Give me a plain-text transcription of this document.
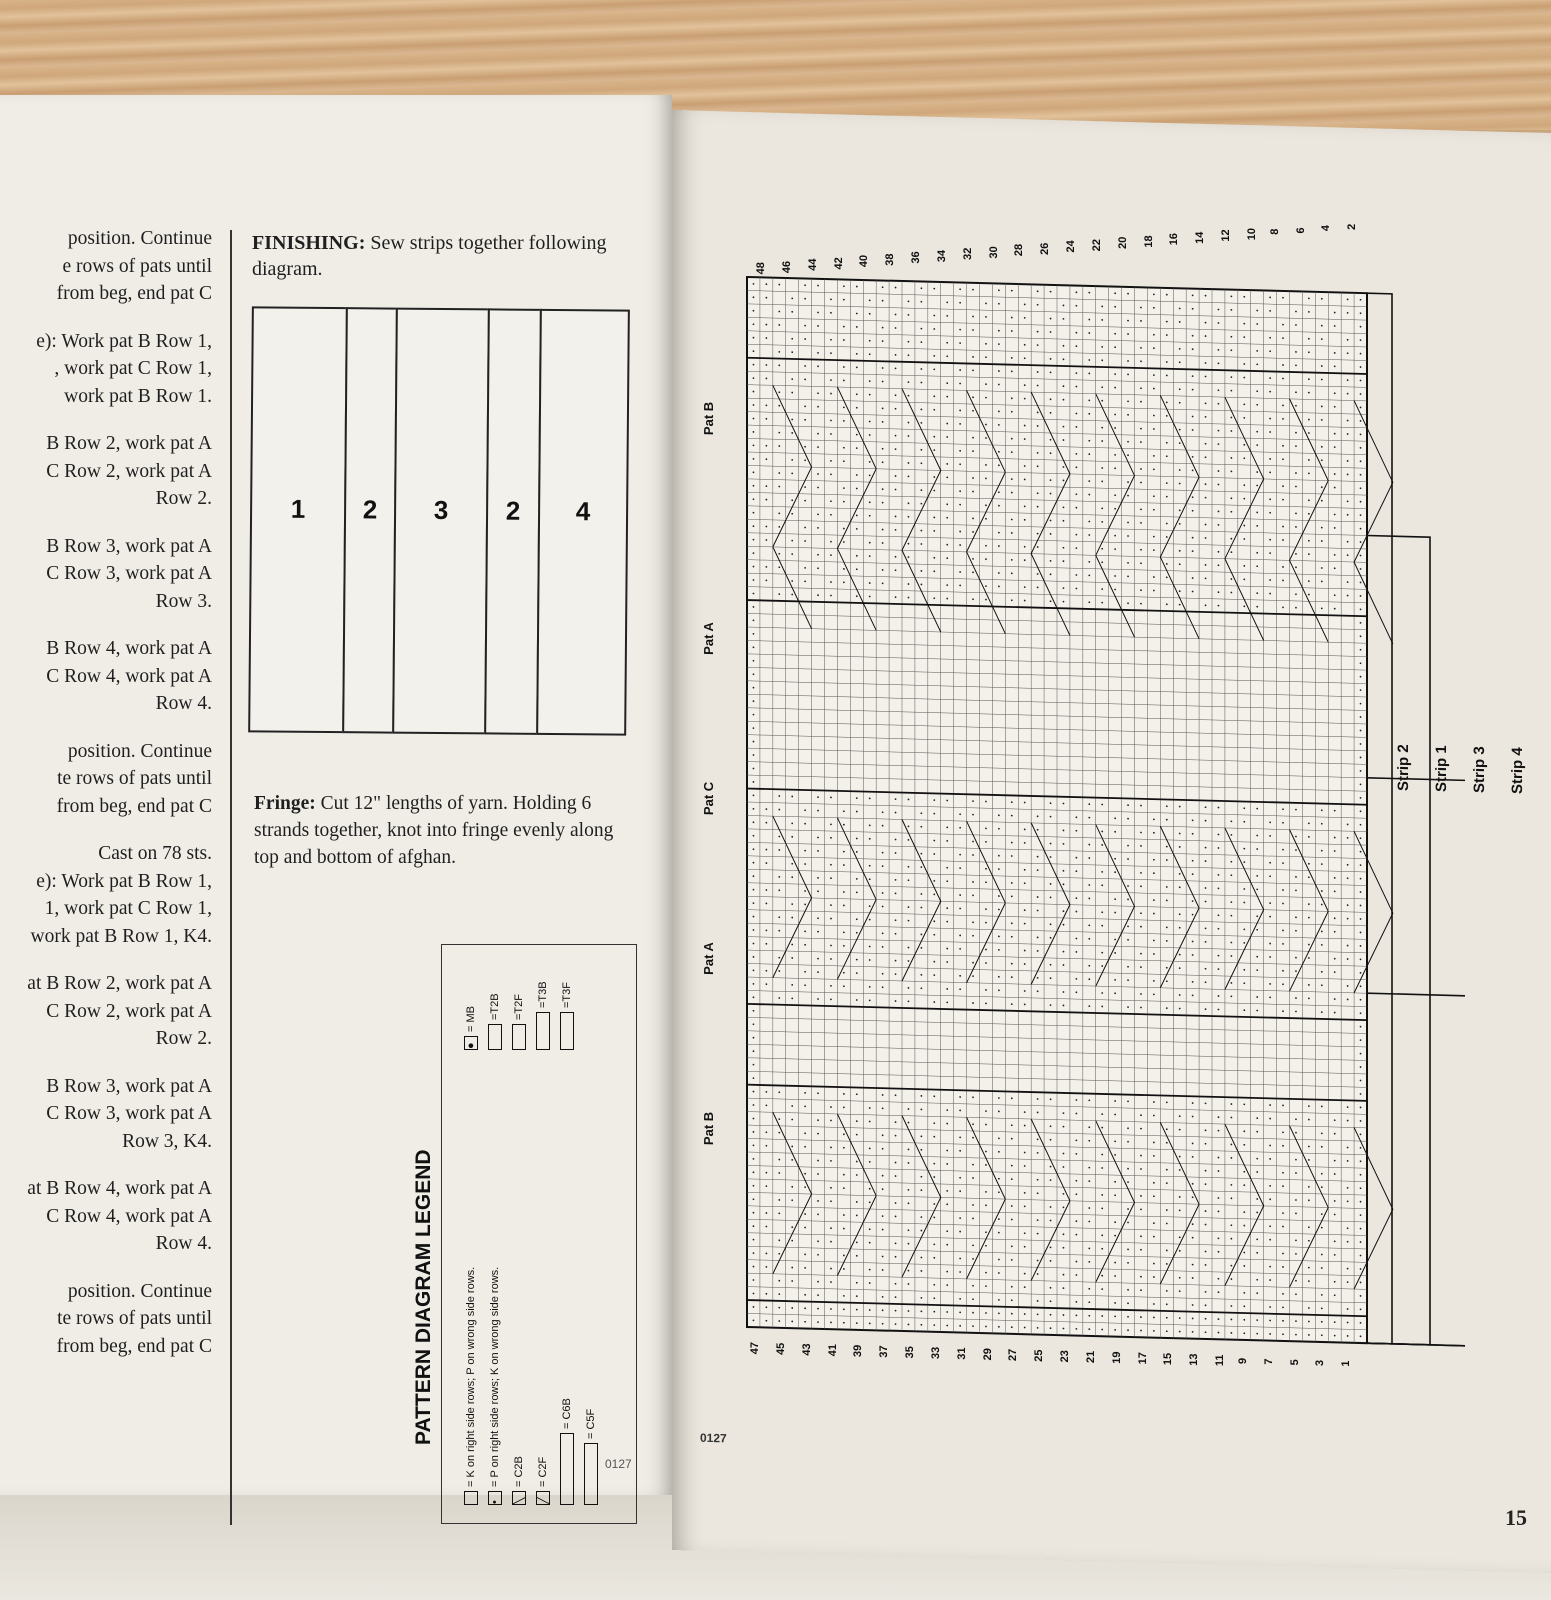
position. Continue
e rows of pats until
from beg, end pat C

e): Work pat B Row 1,
, work pat C Row 1,
work pat B Row 1.

B Row 2, work pat A
C Row 2, work pat A
Row 2.

B Row 3, work pat A
C Row 3, work pat A
Row 3.

B Row 4, work pat A
C Row 4, work pat A
Row 4.

position. Continue
te rows of pats until
from beg, end pat C

Cast on 78 sts.
e): Work pat B Row 1,
1, work pat C Row 1,
work pat B Row 1, K4.

at B Row 2, work pat A
C Row 2, work pat A
Row 2.

B Row 3, work pat A
C Row 3, work pat A
Row 3, K4.

at B Row 4, work pat A
C Row 4, work pat A
Row 4.

position. Continue
te rows of pats until
from beg, end pat C

FINISHING: Sew strips together following diagram.
1 2 3 2 4
Fringe: Cut 12" lengths of yarn. Holding 6 strands together, knot into fringe evenly along top and bottom of afghan.
PATTERN DIAGRAM LEGEND	= K on right side rows; P on wrong side rows.
•= P on right side rows; K on wrong side rows.
╲= C2B
╱= C2F
= C6B = C5F
●= MB =T2B =T2F =T3B =T3F
0127
48 46 44 42 40 38 36 34 32 30 28 26 24 22 20 18 16 14 12 10 8 6 4 2
47 45 43 41 39 37 35 33 31 29 27 25 23 21 19 17 15 13 11 9 7 5 3 1
Pat B
Pat A
Pat C
Pat A
Pat B
Strip 2 Strip 1 Strip 3 Strip 4
0127
15
